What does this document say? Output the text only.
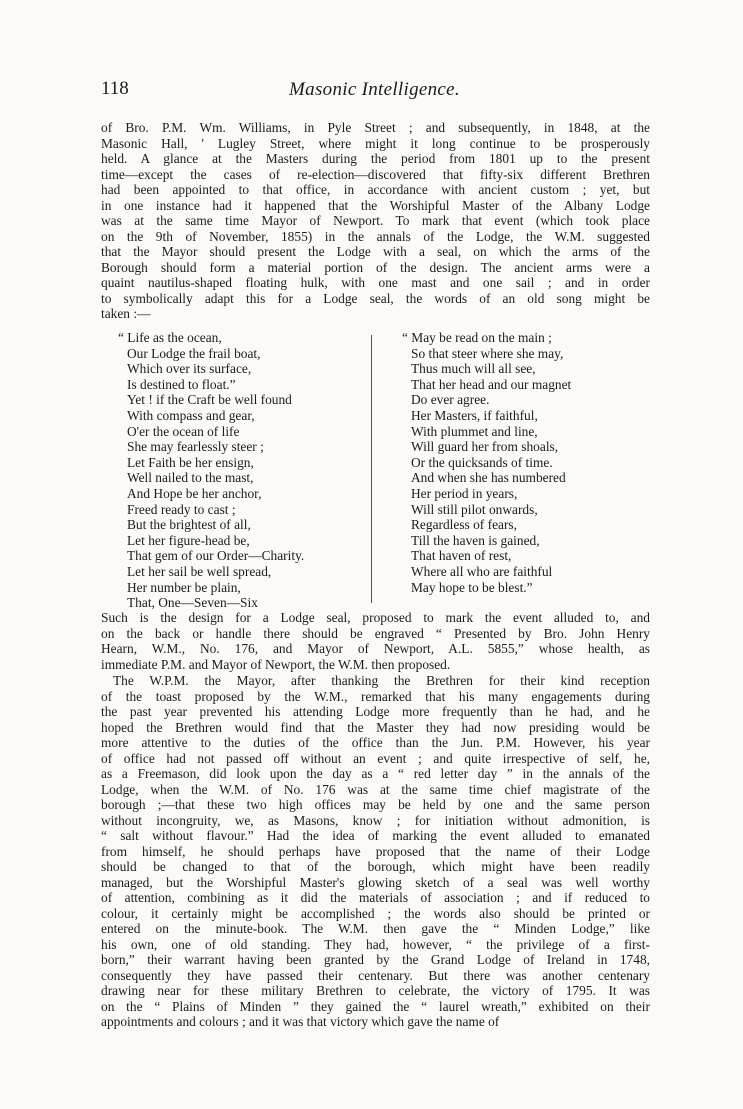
118	Masonic Intelligence.
of Bro. P.M. Wm. Williams, in Pyle Street ; and subsequently, in 1848, at the
Masonic Hall, ' Lugley Street, where might it long continue to be prosperously
held. A glance at the Masters during the period from 1801 up to the present
time—except the cases of re-election—discovered that fifty-six different Brethren
had been appointed to that office, in accordance with ancient custom ; yet, but
in one instance had it happened that the Worshipful Master of the Albany Lodge
was at the same time Mayor of Newport. To mark that event (which took place
on the 9th of November, 1855) in the annals of the Lodge, the W.M. suggested
that the Mayor should present the Lodge with a seal, on which the arms of the
Borough should form a material portion of the design. The ancient arms were a
quaint nautilus-shaped floating hulk, with one mast and one sail ; and in order
to symbolically adapt this for a Lodge seal, the words of an old song might be
taken :—
“ Life as the ocean,
Our Lodge the frail boat,
Which over its surface,
Is destined to float.”
Yet ! if the Craft be well found
With compass and gear,
O'er the ocean of life
She may fearlessly steer ;
Let Faith be her ensign,
Well nailed to the mast,
And Hope be her anchor,
Freed ready to cast ;
But the brightest of all,
Let her figure-head be,
That gem of our Order—Charity.
Let her sail be well spread,
Her number be plain,
That, One—Seven—Six
“ May be read on the main ;
So that steer where she may,
Thus much will all see,
That her head and our magnet
Do ever agree.
Her Masters, if faithful,
With plummet and line,
Will guard her from shoals,
Or the quicksands of time.
And when she has numbered
Her period in years,
Will still pilot onwards,
Regardless of fears,
Till the haven is gained,
That haven of rest,
Where all who are faithful
May hope to be blest.”
Such is the design for a Lodge seal, proposed to mark the event alluded to, and
on the back or handle there should be engraved “ Presented by Bro. John Henry
Hearn, W.M., No. 176, and Mayor of Newport, A.L. 5855,” whose health, as
immediate P.M. and Mayor of Newport, the W.M. then proposed.
The W.P.M. the Mayor, after thanking the Brethren for their kind reception
of the toast proposed by the W.M., remarked that his many engagements during
the past year prevented his attending Lodge more frequently than he had, and he
hoped the Brethren would find that the Master they had now presiding would be
more attentive to the duties of the office than the Jun. P.M. However, his year
of office had not passed off without an event ; and quite irrespective of self, he,
as a Freemason, did look upon the day as a “ red letter day ” in the annals of the
Lodge, when the W.M. of No. 176 was at the same time chief magistrate of the
borough ;—that these two high offices may be held by one and the same person
without incongruity, we, as Masons, know ; for initiation without admonition, is
“ salt without flavour.” Had the idea of marking the event alluded to emanated
from himself, he should perhaps have proposed that the name of their Lodge
should be changed to that of the borough, which might have been readily
managed, but the Worshipful Master's glowing sketch of a seal was well worthy
of attention, combining as it did the materials of association ; and if reduced to
colour, it certainly might be accomplished ; the words also should be printed or
entered on the minute-book. The W.M. then gave the “ Minden Lodge,” like
his own, one of old standing. They had, however, “ the privilege of a first-
born,” their warrant having been granted by the Grand Lodge of Ireland in 1748,
consequently they have passed their centenary. But there was another centenary
drawing near for these military Brethren to celebrate, the victory of 1795. It was
on the “ Plains of Minden ” they gained the “ laurel wreath,” exhibited on their
appointments and colours ; and it was that victory which gave the name of
